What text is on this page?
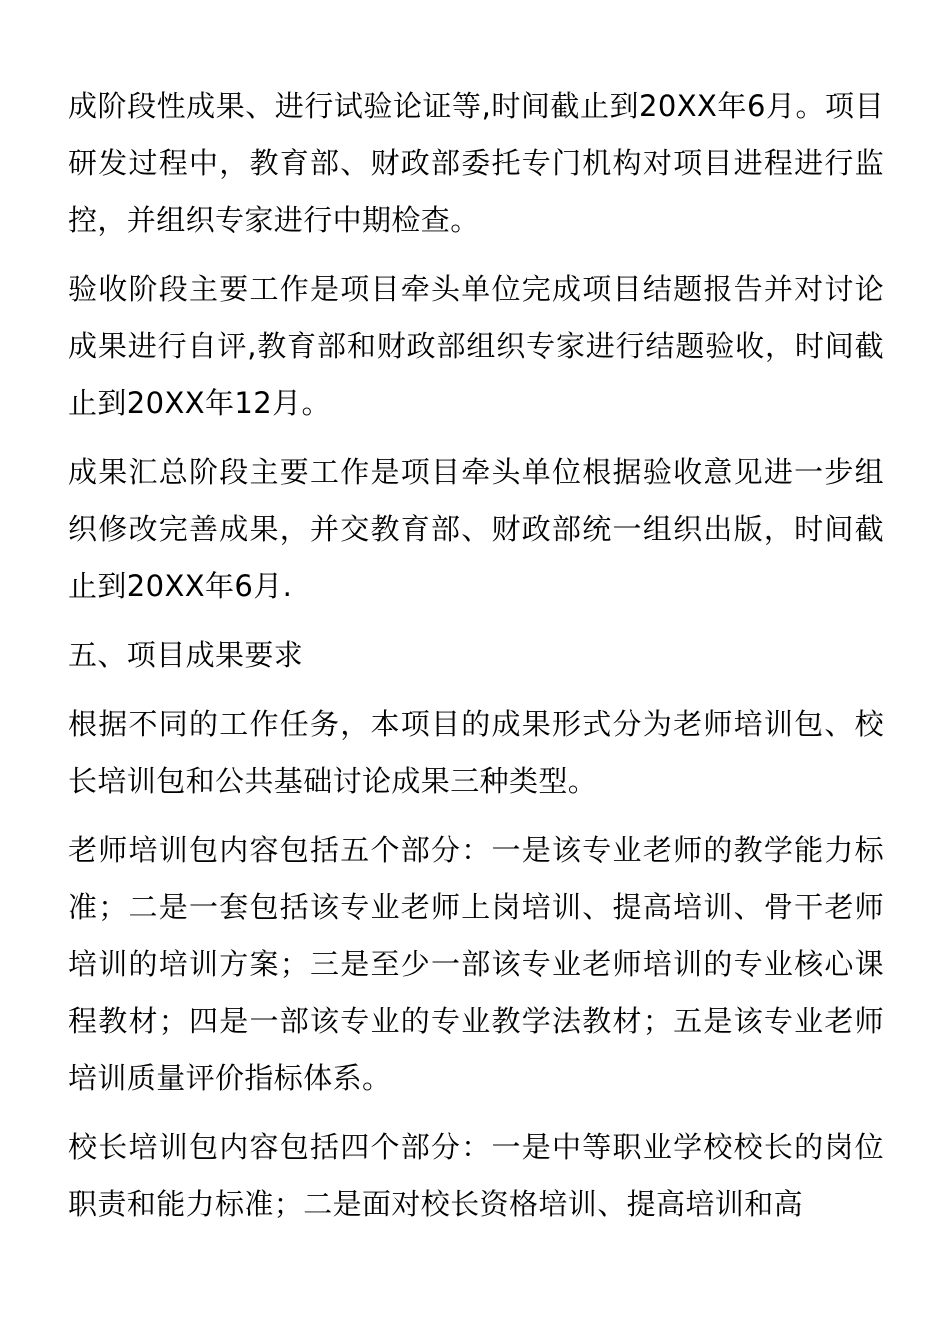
成阶段性成果、进行试验论证等,时间截止到20XX年6月。项目研发过程中，教育部、财政部委托专门机构对项目进程进行监控，并组织专家进行中期检查。

验收阶段主要工作是项目牵头单位完成项目结题报告并对讨论成果进行自评,教育部和财政部组织专家进行结题验收，时间截止到20XX年12月。

成果汇总阶段主要工作是项目牵头单位根据验收意见进一步组织修改完善成果，并交教育部、财政部统一组织出版，时间截止到20XX年6月.

五、项目成果要求

根据不同的工作任务，本项目的成果形式分为老师培训包、校长培训包和公共基础讨论成果三种类型。

老师培训包内容包括五个部分：一是该专业老师的教学能力标准；二是一套包括该专业老师上岗培训、提高培训、骨干老师培训的培训方案；三是至少一部该专业老师培训的专业核心课程教材；四是一部该专业的专业教学法教材；五是该专业老师培训质量评价指标体系。

校长培训包内容包括四个部分：一是中等职业学校校长的岗位职责和能力标准；二是面对校长资格培训、提高培训和高
